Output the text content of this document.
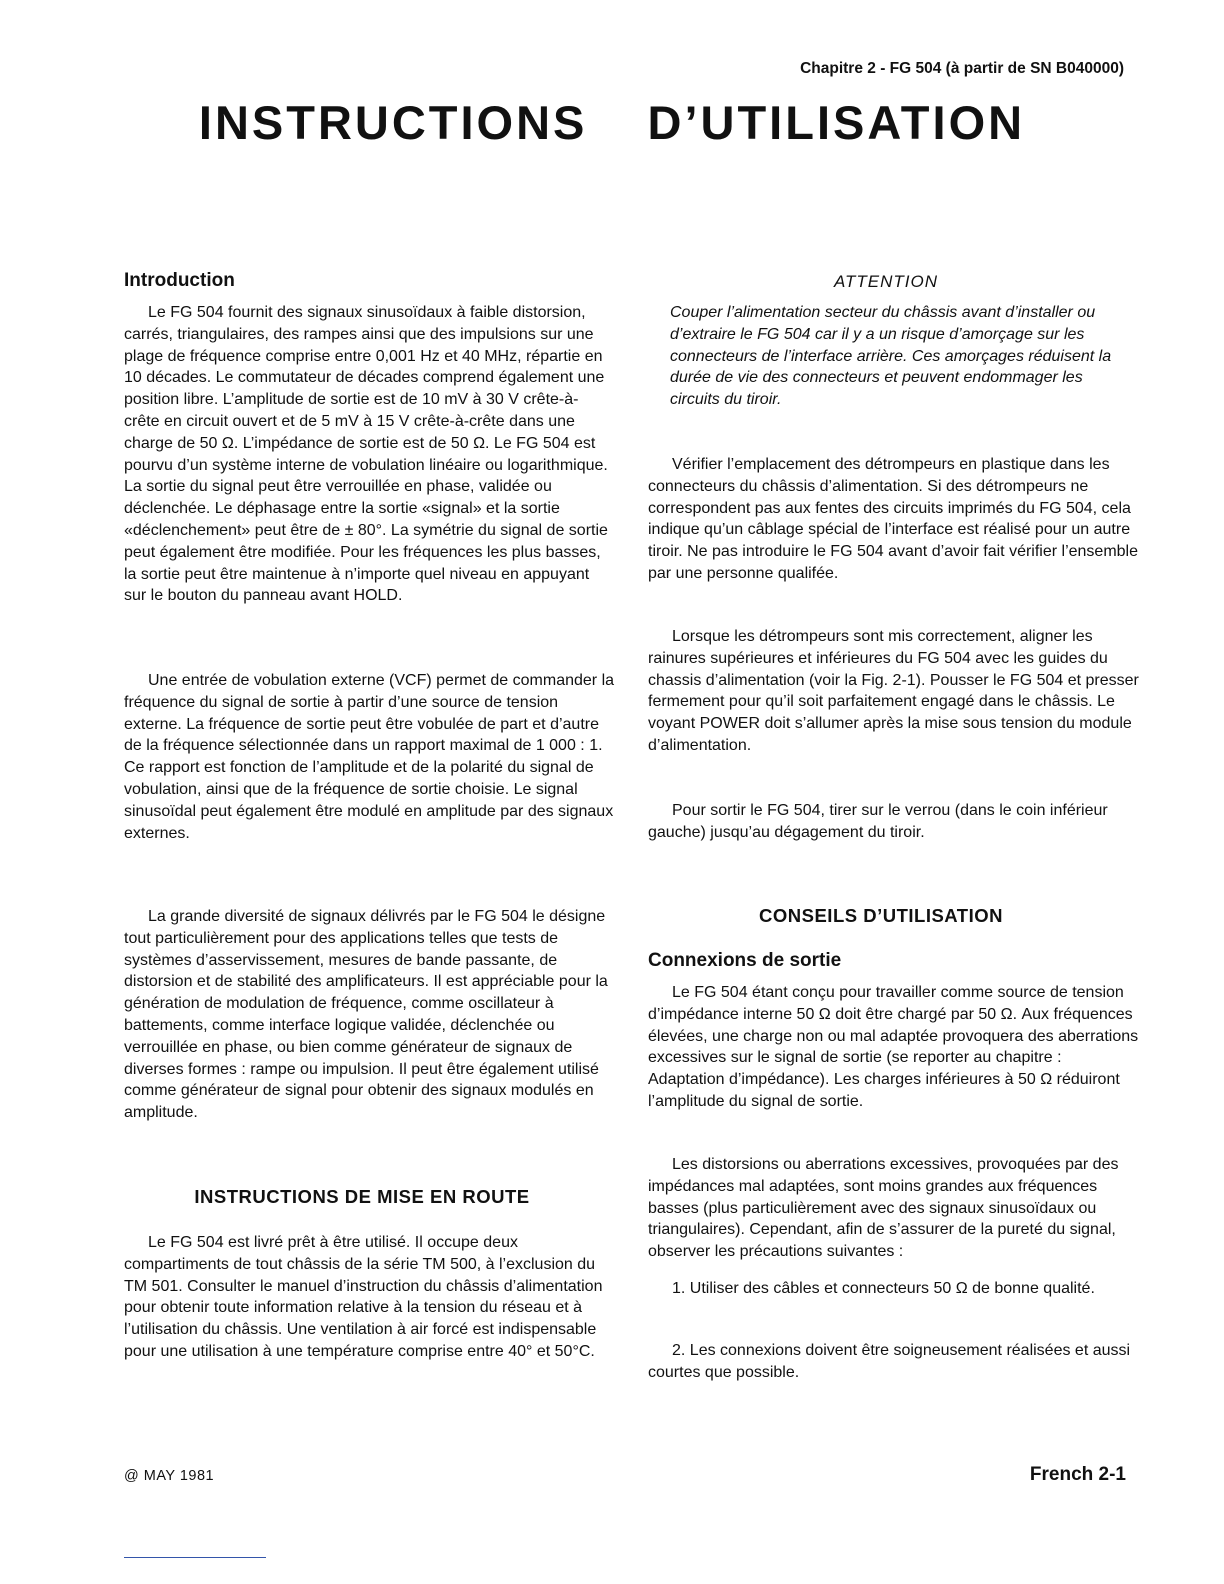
Chapitre 2 - FG 504 (à partir de SN B040000)
INSTRUCTIONS  D’UTILISATION
Introduction

Le FG 504 fournit des signaux sinusoïdaux à faible distorsion, carrés, triangulaires, des rampes ainsi que des impulsions sur une plage de fréquence comprise entre 0,001 Hz et 40 MHz, répartie en 10 décades. Le commutateur de décades comprend également une position libre. L’amplitude de sortie est de 10 mV à 30 V crête-à-crête en circuit ouvert et de 5 mV à 15 V crête-à-crête dans une charge de 50 Ω. L’impédance de sortie est de 50 Ω. Le FG 504 est pourvu d’un système interne de vobulation linéaire ou logarithmique. La sortie du signal peut être verrouillée en phase, validée ou déclenchée. Le déphasage entre la sortie «signal» et la sortie «déclenchement» peut être de ± 80°. La symétrie du signal de sortie peut également être modifiée. Pour les fréquences les plus basses, la sortie peut être maintenue à n’importe quel niveau en appuyant sur le bouton du panneau avant HOLD.

Une entrée de vobulation externe (VCF) permet de commander la fréquence du signal de sortie à partir d’une source de tension externe. La fréquence de sortie peut être vobulée de part et d’autre de la fréquence sélectionnée dans un rapport maximal de 1 000 : 1. Ce rapport est fonction de l’amplitude et de la polarité du signal de vobulation, ainsi que de la fréquence de sortie choisie. Le signal sinusoïdal peut également être modulé en amplitude par des signaux externes.

La grande diversité de signaux délivrés par le FG 504 le désigne tout particulièrement pour des applications telles que tests de systèmes d’asservissement, mesures de bande passante, de distorsion et de stabilité des amplificateurs. Il est appréciable pour la génération de modulation de fréquence, comme oscillateur à battements, comme interface logique validée, déclenchée ou verrouillée en phase, ou bien comme générateur de signaux de diverses formes : rampe ou impulsion. Il peut être également utilisé comme générateur de signal pour obtenir des signaux modulés en amplitude.

INSTRUCTIONS DE MISE EN ROUTE

Le FG 504 est livré prêt à être utilisé. Il occupe deux compartiments de tout châssis de la série TM 500, à l’exclusion du TM 501. Consulter le manuel d’instruction du châssis d’alimentation pour obtenir toute information relative à la tension du réseau et à l’utilisation du châssis. Une ventilation à air forcé est indispensable pour une utilisation à une température comprise entre 40° et 50°C.

ATTENTION

Couper l’alimentation secteur du châssis avant d’installer ou d’extraire le FG 504 car il y a un risque d’amorçage sur les connecteurs de l’interface arrière. Ces amorçages réduisent la durée de vie des connecteurs et peuvent endommager les circuits du tiroir.

Vérifier l’emplacement des détrompeurs en plastique dans les connecteurs du châssis d’alimentation. Si des détrompeurs ne correspondent pas aux fentes des circuits imprimés du FG 504, cela indique qu’un câblage spécial de l’interface est réalisé pour un autre tiroir. Ne pas introduire le FG 504 avant d’avoir fait vérifier l’ensemble par une personne qualifée.

Lorsque les détrompeurs sont mis correctement, aligner les rainures supérieures et inférieures du FG 504 avec les guides du chassis d’alimentation (voir la Fig. 2-1). Pousser le FG 504 et presser fermement pour qu’il soit parfaitement engagé dans le châssis. Le voyant POWER doit s’allumer après la mise sous tension du module d’alimentation.

Pour sortir le FG 504, tirer sur le verrou (dans le coin inférieur gauche) jusqu’au dégagement du tiroir.

CONSEILS D’UTILISATION
Connexions de sortie

Le FG 504 étant conçu pour travailler comme source de tension d’impédance interne 50 Ω doit être chargé par 50 Ω. Aux fréquences élevées, une charge non ou mal adaptée provoquera des aberrations excessives sur le signal de sortie (se reporter au chapitre : Adaptation d’impédance). Les charges inférieures à 50 Ω réduiront l’amplitude du signal de sortie.

Les distorsions ou aberrations excessives, provoquées par des impédances mal adaptées, sont moins grandes aux fréquences basses (plus particulièrement avec des signaux sinusoïdaux ou triangulaires). Cependant, afin de s’assurer de la pureté du signal, observer les précautions suivantes :

1. Utiliser des câbles et connecteurs 50 Ω de bonne qualité.

2. Les connexions doivent être soigneusement réalisées et aussi courtes que possible.

@ MAY 1981	French 2-1
